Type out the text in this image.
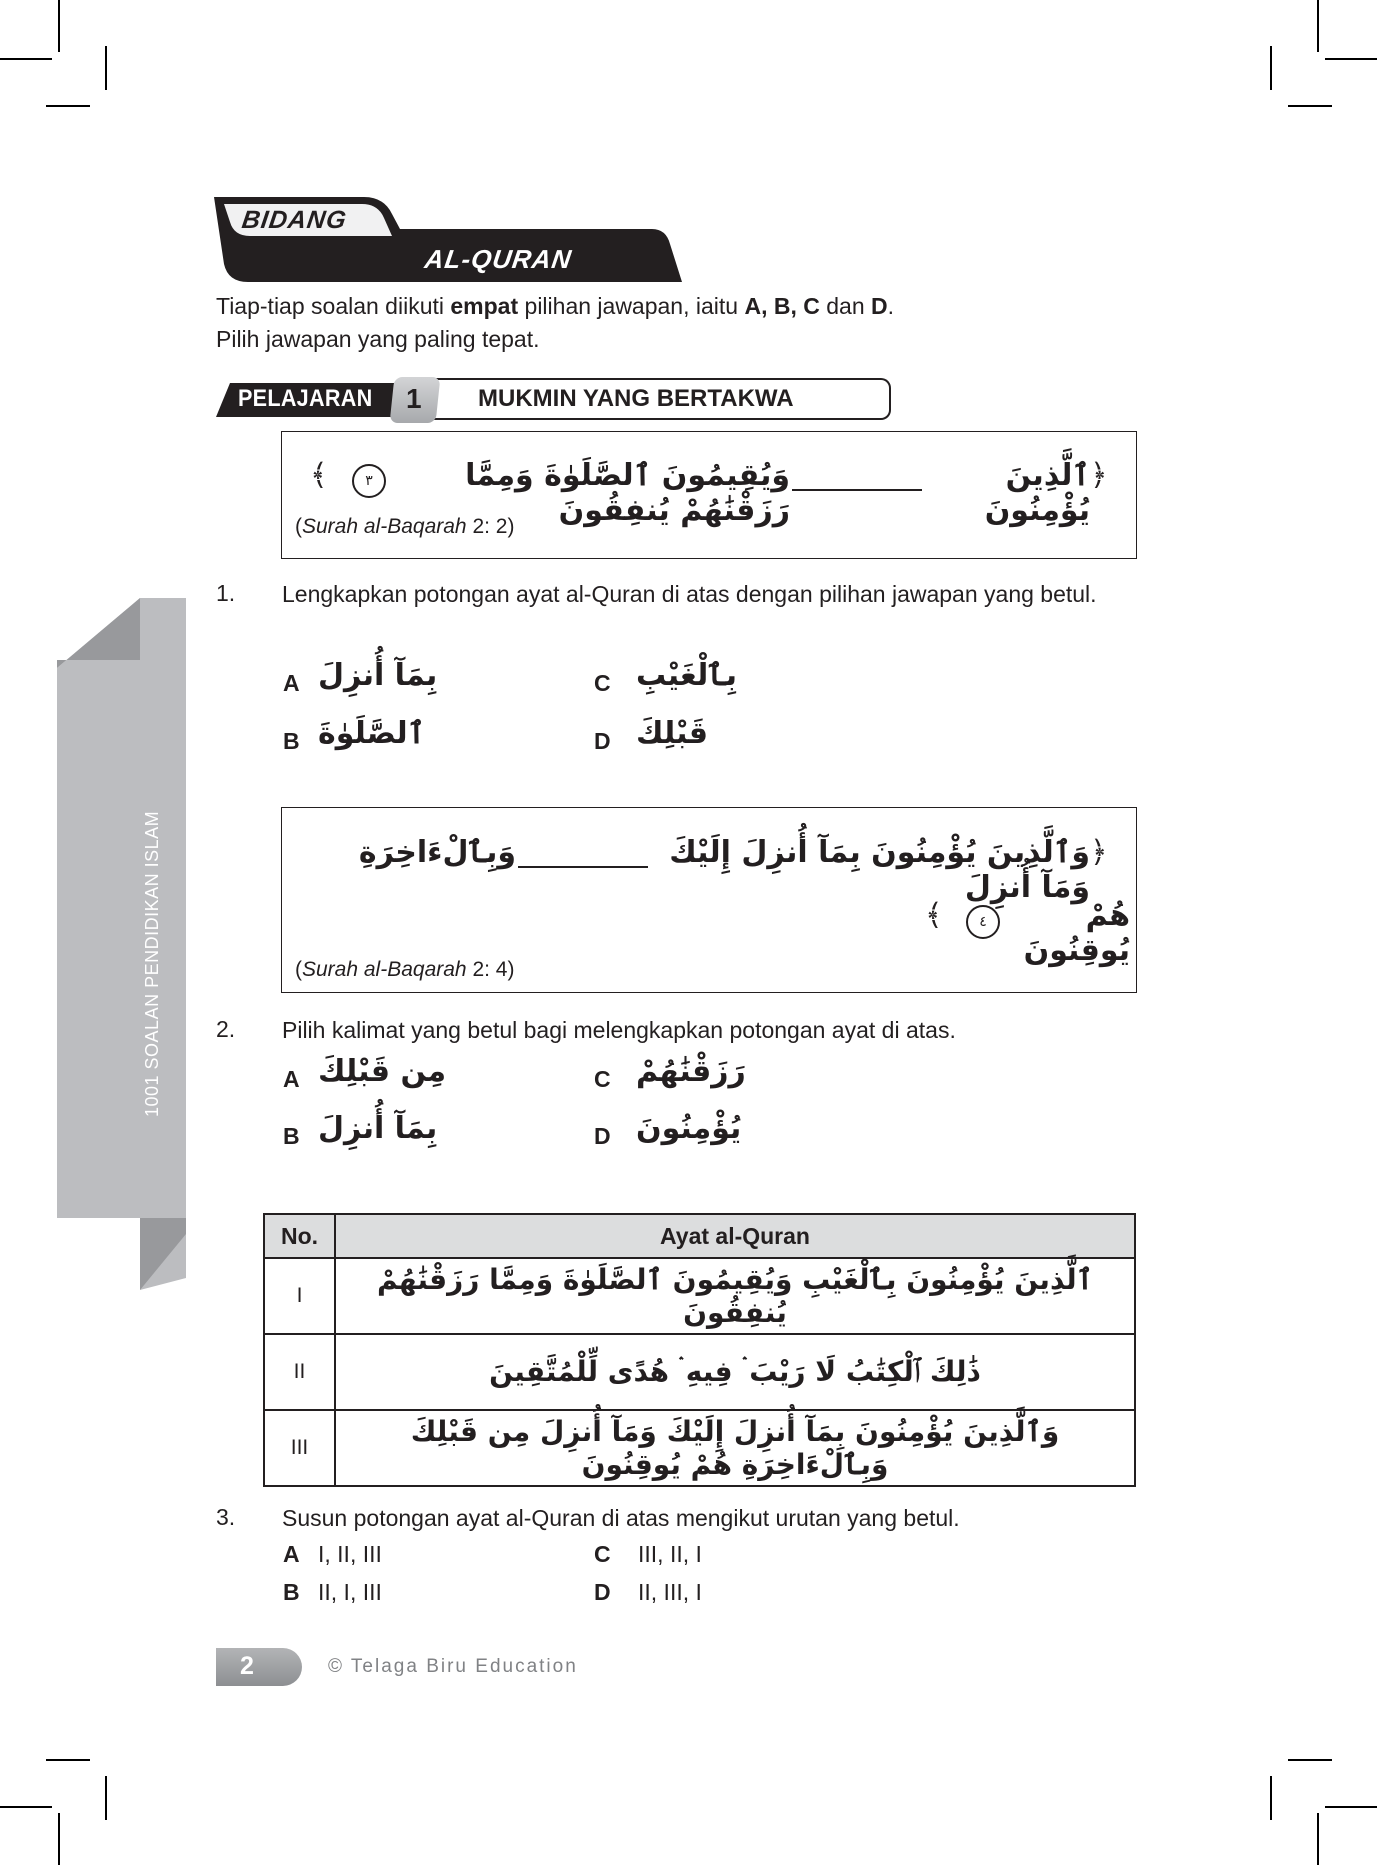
1001 SOALAN PENDIDIKAN ISLAM
BIDANG
AL-QURAN
Tiap-tiap soalan diikuti empat pilihan jawapan, iaitu A, B, C dan D.
Pilih jawapan yang paling tepat.
PELAJARAN 1 MUKMIN YANG BERTAKWA
﴿
ٱلَّذِينَ يُؤْمِنُونَ
وَيُقِيمُونَ ٱلصَّلَوٰةَ وَمِمَّا رَزَقْنَٰهُمْ يُنفِقُونَ
٣
﴾
(Surah al-Baqarah 2: 2)
1. Lengkapkan potongan ayat al-Quran di atas dengan pilihan jawapan yang betul.
A بِمَآ أُنزِلَ
B ٱلصَّلَوٰةَ
C بِٱلْغَيْبِ
D قَبْلِكَ
﴿
وَٱلَّذِينَ يُؤْمِنُونَ بِمَآ أُنزِلَ إِلَيْكَ وَمَآ أُنزِلَ
وَبِٱلْءَاخِرَةِ
هُمْ يُوقِنُونَ
٤
﴾
(Surah al-Baqarah 2: 4)
2. Pilih kalimat yang betul bagi melengkapkan potongan ayat di atas.
A مِن قَبْلِكَ
B بِمَآ أُنزِلَ
C رَزَقْنَٰهُمْ
D يُؤْمِنُونَ
No.	Ayat al-Quran
I	ٱلَّذِينَ يُؤْمِنُونَ بِٱلْغَيْبِ وَيُقِيمُونَ ٱلصَّلَوٰةَ وَمِمَّا رَزَقْنَٰهُمْ يُنفِقُونَ
II	ذَٰلِكَ ٱلْكِتَٰبُ لَا رَيْبَ ۛ فِيهِ ۛ هُدًى لِّلْمُتَّقِينَ
III	وَٱلَّذِينَ يُؤْمِنُونَ بِمَآ أُنزِلَ إِلَيْكَ وَمَآ أُنزِلَ مِن قَبْلِكَ وَبِٱلْءَاخِرَةِ هُمْ يُوقِنُونَ
3. Susun potongan ayat al-Quran di atas mengikut urutan yang betul.
A I, II, III
B II, I, III
C III, II, I
D II, III, I
2	© Telaga Biru Education
